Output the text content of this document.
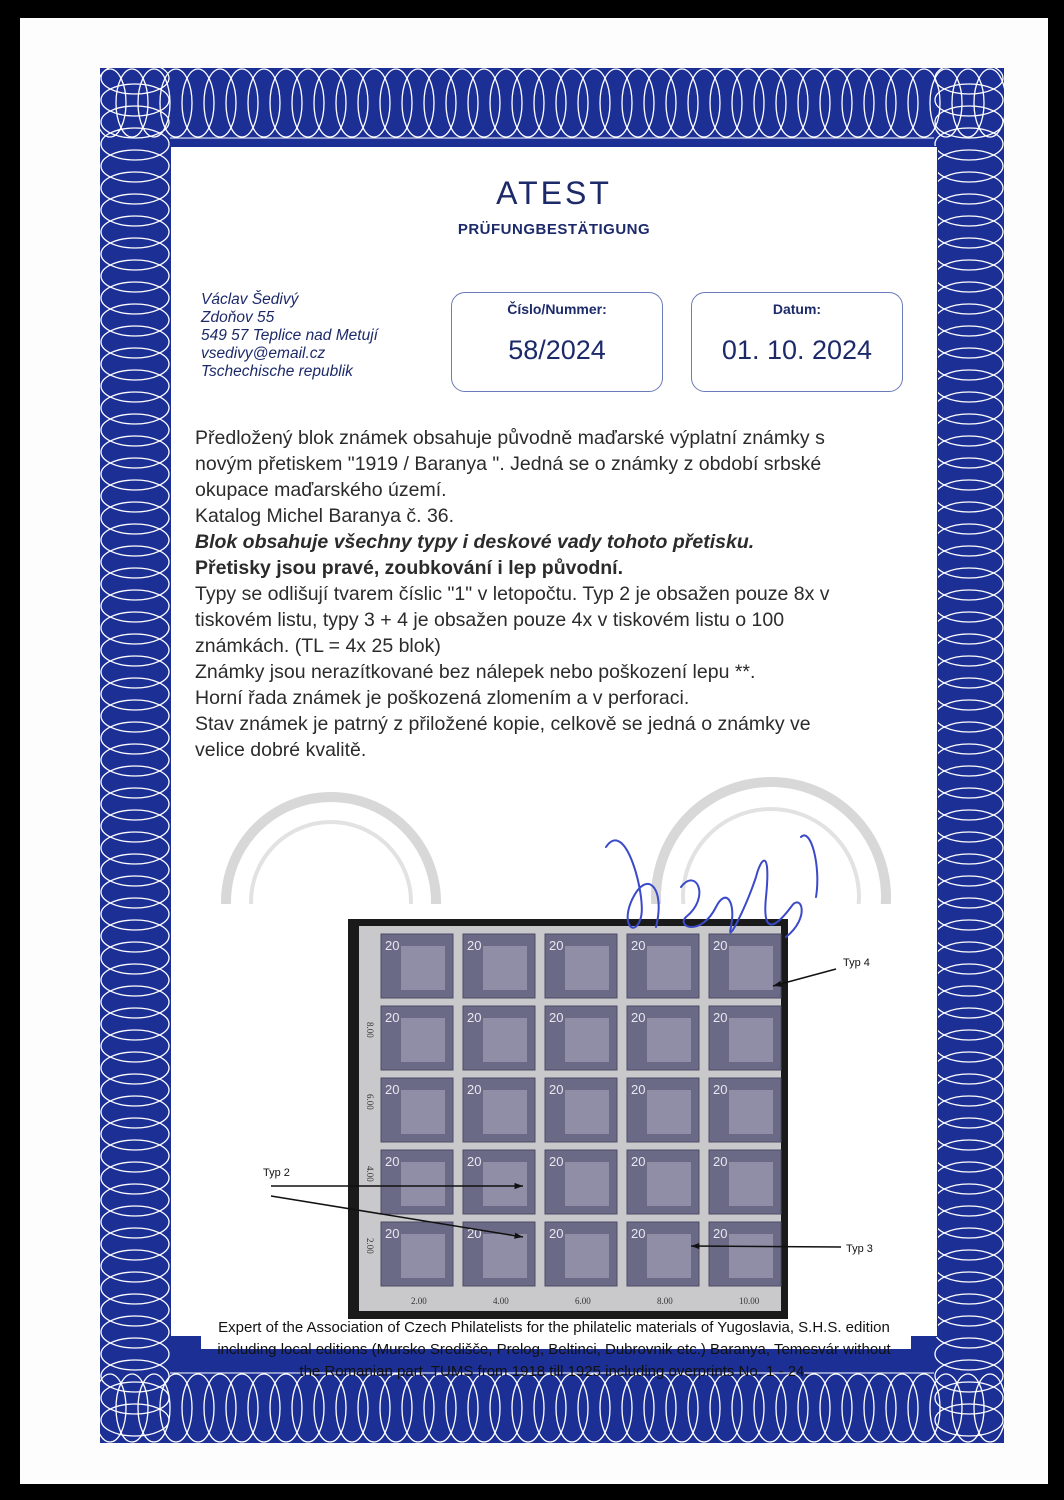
ATEST
PRÜFUNGBESTÄTIGUNG
Václav Šedivý
Zdoňov 55
549 57 Teplice nad Metují
vsedivy@email.cz
Tschechische republik
Číslo/Nummer:
58/2024
Datum:
01. 10. 2024
Předložený blok známek obsahuje původně maďarské výplatní známky s
novým přetiskem "1919 / Baranya ". Jedná se o známky z období srbské
okupace maďarského území.
Katalog Michel Baranya č. 36.
Blok obsahuje všechny typy i deskové vady tohoto přetisku.
Přetisky jsou pravé, zoubkování i lep původní.
Typy se odlišují tvarem číslic "1" v letopočtu. Typ 2 je obsažen pouze 8x v
tiskovém listu, typy 3 + 4 je obsažen pouze 4x v tiskovém listu o 100
známkách. (TL = 4x 25 blok)
Známky jsou nerazítkované bez nálepek nebo poškození lepu **.
Horní řada známek je poškozená zlomením a v perforaci.
Stav známek je patrný z přiložené kopie, celkově se jedná o známky ve
velice dobré kvalitě.
20	20	20	20	20
20	20	20	20	20
20	20	20	20	20
20	20	20	20	20
20	20	20	20	20
8.00
6.00
4.00
2.00
2.00	4.00	6.00	8.00	10.00
Typ 4
Typ 2
Typ 3
Expert of the Association of Czech Philatelists for the philatelic materials of Yugoslavia, S.H.S. edition
including local editions (Mursko Središče, Prelog, Beltinci, Dubrovnik etc.) Baranya, Temesvár without
the Romanian part. TUMS from 1918 till 1925 including overprints No. 1 - 24.
